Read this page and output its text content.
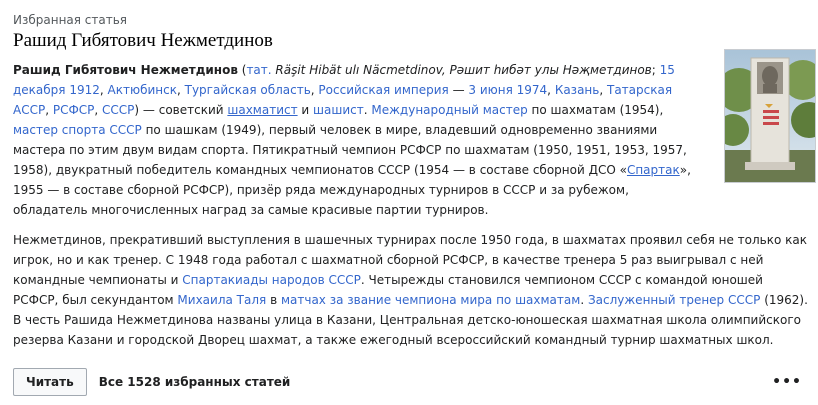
Избранная статья
Рашид Гибятович Нежметдинов

Рашид Гибятович Нежметдинов (тат. Räşit Hibät ulı Näcmetdinov, Рәшит һибәт улы Нәҗметдинов; 15 декабря 1912, Актюбинск, Тургайская область, Российская империя — 3 июня 1974, Казань, Татарская АССР, РСФСР, СССР) — советский шахматист и шашист. Международный мастер по шахматам (1954), мастер спорта СССР по шашкам (1949), первый человек в мире, владевший одновременно званиями мастера по этим двум видам спорта. Пятикратный чемпион РСФСР по шахматам (1950, 1951, 1953, 1957, 1958), двукратный победитель командных чемпионатов СССР (1954 — в составе сборной ДСО «Спартак», 1955 — в составе сборной РСФСР), призёр ряда международных турниров в СССР и за рубежом, обладатель многочисленных наград за самые красивые партии турниров.

Нежметдинов, прекративший выступления в шашечных турнирах после 1950 года, в шахматах проявил себя не только как игрок, но и как тренер. С 1948 года работал с шахматной сборной РСФСР, в качестве тренера 5 раз выигрывал с ней командные чемпионаты и Спартакиады народов СССР. Четырежды становился чемпионом СССР с командой юношей РСФСР, был секундантом Михаила Таля в матчах за звание чемпиона мира по шахматам. Заслуженный тренер СССР (1962). В честь Рашида Нежметдинова названы улица в Казани, Центральная детско-юношеская шахматная школа олимпийского резерва Казани и городской Дворец шахмат, а также ежегодный всероссийский командный турнир шахматных школ.

Читать	Все 1528 избранных статей	•••
